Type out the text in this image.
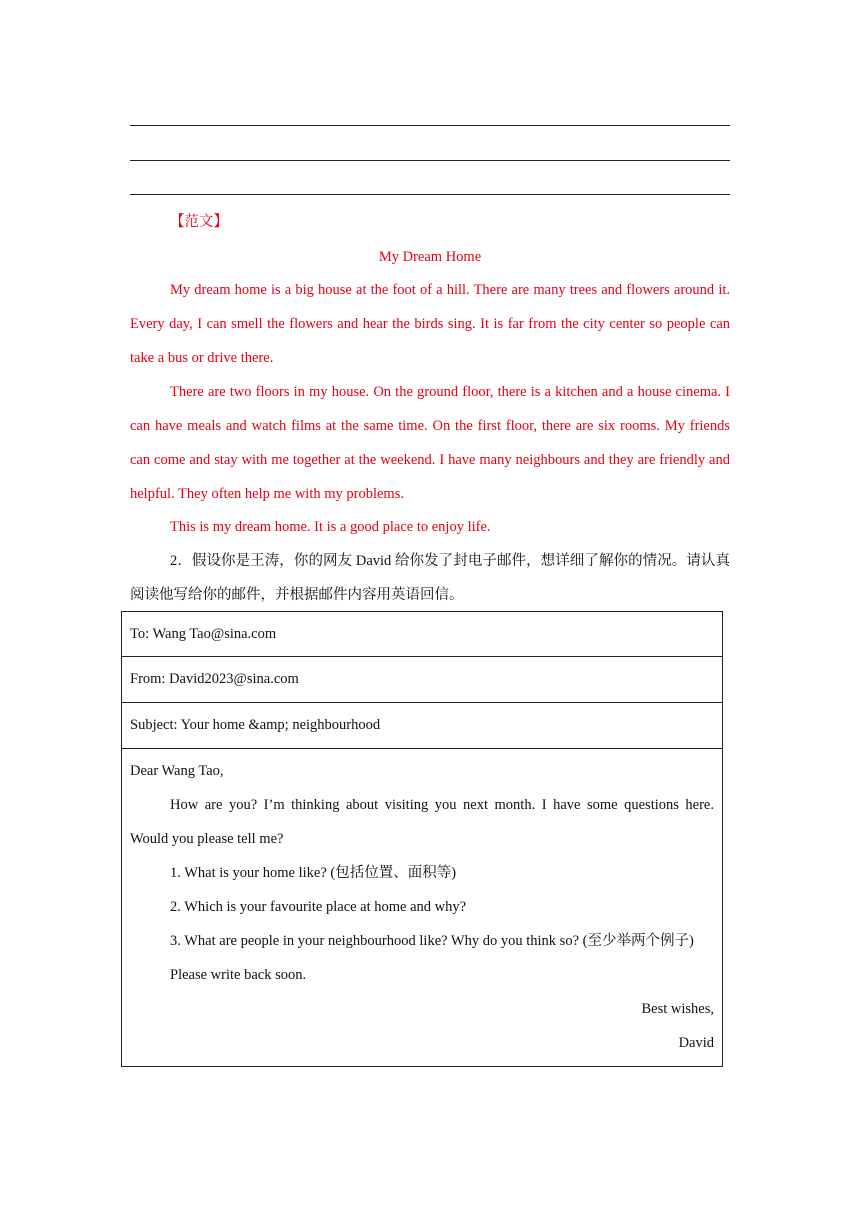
【范文】
My Dream Home

My dream home is a big house at the foot of a hill. There are many trees and flowers around it. Every day, I can smell the flowers and hear the birds sing. It is far from the city center so people can take a bus or drive there.

There are two floors in my house. On the ground floor, there is a kitchen and a house cinema. I can have meals and watch films at the same time. On the first floor, there are six rooms. My friends can come and stay with me together at the weekend. I have many neighbours and they are friendly and helpful. They often help me with my problems.

This is my dream home. It is a good place to enjoy life.

2．假设你是王涛，你的网友 David 给你发了封电子邮件，想详细了解你的情况。请认真阅读他写给你的邮件，并根据邮件内容用英语回信。

To: Wang Tao@sina.com
From: David2023@sina.com
Subject: Your home &amp; neighbourhood

Dear Wang Tao,

How are you? I’m thinking about visiting you next month. I have some questions here. Would you please tell me?

1. What is your home like? (包括位置、面积等)

2. Which is your favourite place at home and why?

3. What are people in your neighbourhood like? Why do you think so? (至少举两个例子)

Please write back soon.

Best wishes,

David
